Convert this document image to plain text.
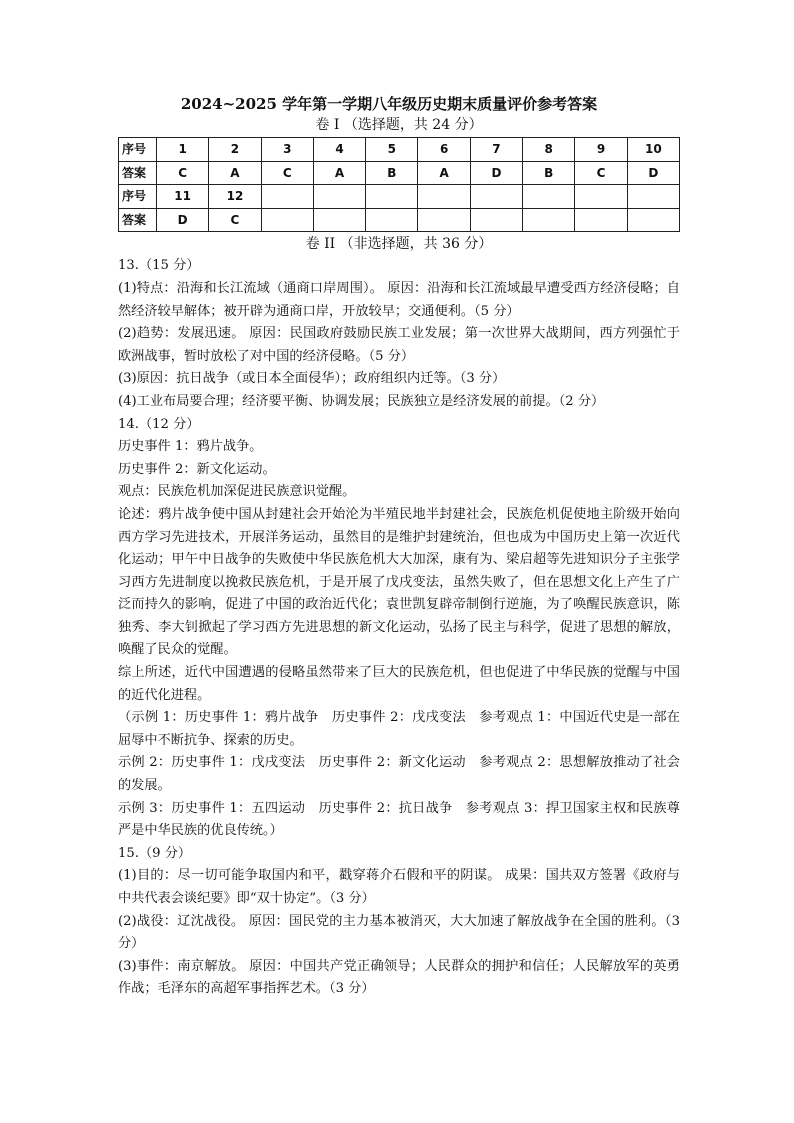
2024~2025 学年第一学期八年级历史期末质量评价参考答案
卷 I （选择题，共 24 分）
序号	1	2	3	4	5	6	7	8	9	10
答案	C	A	C	A	B	A	D	B	C	D
序号	11	12								
答案	D	C								
卷 II （非选择题，共 36 分）
13.（15 分）
(1)特点：沿海和长江流域（通商口岸周围）。 原因：沿海和长江流域最早遭受西方经济侵略；自然经济较早解体；被开辟为通商口岸，开放较早；交通便利。（5 分）
(2)趋势：发展迅速。 原因：民国政府鼓励民族工业发展；第一次世界大战期间，西方列强忙于欧洲战事，暂时放松了对中国的经济侵略。（5 分）
(3)原因：抗日战争（或日本全面侵华）；政府组织内迁等。（3 分）
(4)工业布局要合理；经济要平衡、协调发展；民族独立是经济发展的前提。（2 分）
14.（12 分）
历史事件 1：鸦片战争。
历史事件 2：新文化运动。
观点：民族危机加深促进民族意识觉醒。
论述：鸦片战争使中国从封建社会开始沦为半殖民地半封建社会，民族危机促使地主阶级开始向西方学习先进技术，开展洋务运动，虽然目的是维护封建统治，但也成为中国历史上第一次近代化运动；甲午中日战争的失败使中华民族危机大大加深，康有为、梁启超等先进知识分子主张学习西方先进制度以挽救民族危机，于是开展了戊戌变法，虽然失败了，但在思想文化上产生了广泛而持久的影响，促进了中国的政治近代化；袁世凯复辟帝制倒行逆施，为了唤醒民族意识，陈独秀、李大钊掀起了学习西方先进思想的新文化运动，弘扬了民主与科学，促进了思想的解放，唤醒了民众的觉醒。
综上所述，近代中国遭遇的侵略虽然带来了巨大的民族危机，但也促进了中华民族的觉醒与中国的近代化进程。
（示例 1：历史事件 1：鸦片战争　历史事件 2：戊戌变法　参考观点 1：中国近代史是一部在屈辱中不断抗争、探索的历史。
示例 2：历史事件 1：戊戌变法　历史事件 2：新文化运动　参考观点 2：思想解放推动了社会的发展。
示例 3：历史事件 1：五四运动　历史事件 2：抗日战争　参考观点 3：捍卫国家主权和民族尊严是中华民族的优良传统。）
15.（9 分）
(1)目的：尽一切可能争取国内和平，戳穿蒋介石假和平的阴谋。 成果：国共双方签署《政府与中共代表会谈纪要》即“双十协定”。（3 分）
(2)战役：辽沈战役。 原因：国民党的主力基本被消灭，大大加速了解放战争在全国的胜利。（3 分）
(3)事件：南京解放。 原因：中国共产党正确领导；人民群众的拥护和信任；人民解放军的英勇作战；毛泽东的高超军事指挥艺术。（3 分）
